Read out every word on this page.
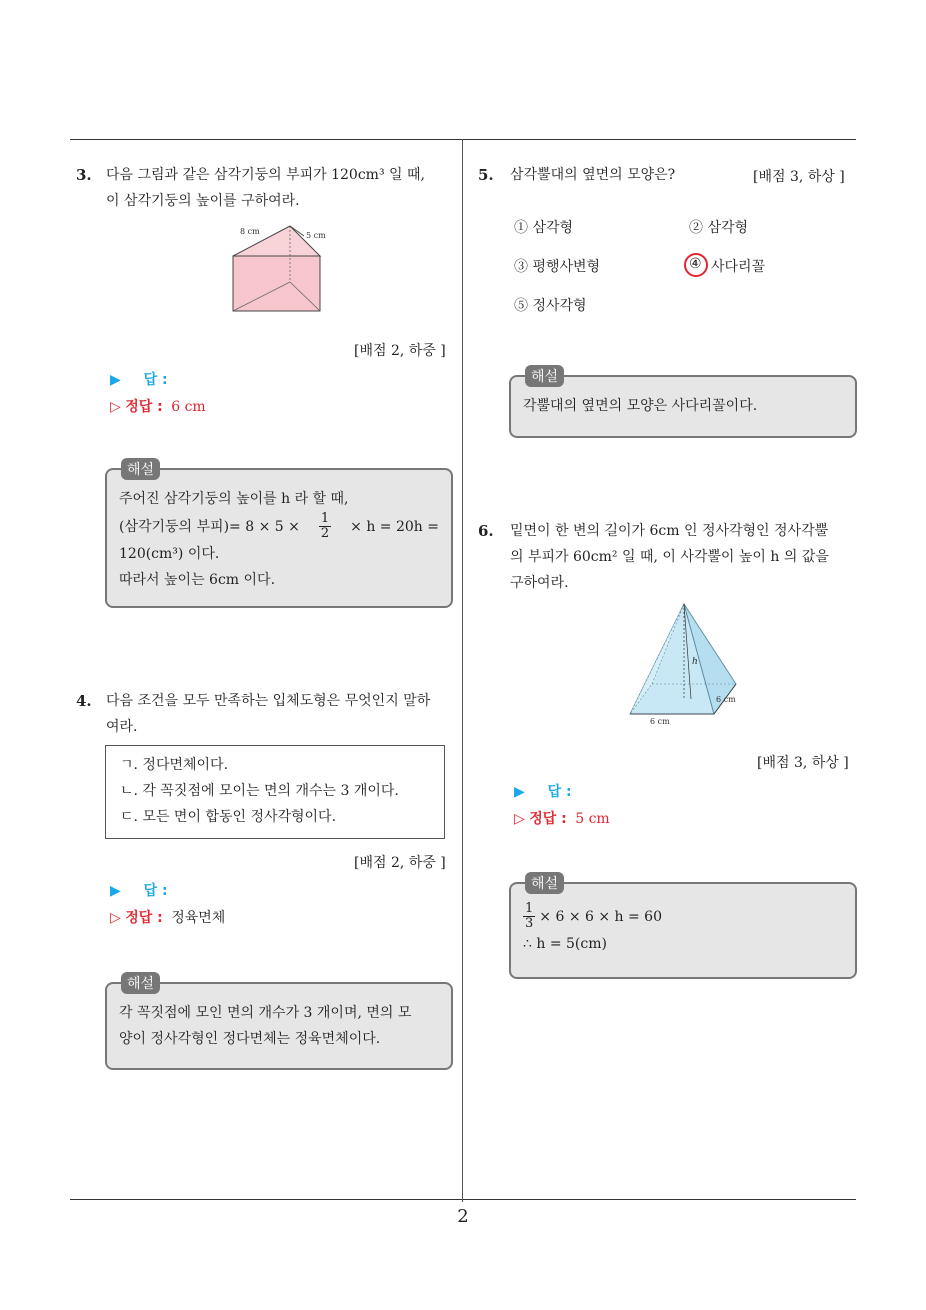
3. 다음 그림과 같은 삼각기둥의 부피가 120cm³ 일 때,
이 삼각기둥의 높이를 구하여라.
8 cm	5 cm
[배점 2, 하중 ]
▶ 답 :
▷ 정답 : 6 cm
해설
주어진 삼각기둥의 높이를 h 라 할 때,
(삼각기둥의 부피)= $8 \times 5 \times \frac{1}{2} \times h = 20h$ =
120(cm³) 이다.
따라서 높이는 6cm 이다.
4. 다음 조건을 모두 만족하는 입체도형은 무엇인지 말하
여라.
ㄱ. 정다면체이다.
ㄴ. 각 꼭짓점에 모이는 면의 개수는 3 개이다.
ㄷ. 모든 면이 합동인 정사각형이다.
[배점 2, 하중 ]
▶ 답 :
▷ 정답 : 정육면체
해설
각 꼭짓점에 모인 면의 개수가 3 개이며, 면의 모
양이 정사각형인 정다면체는 정육면체이다.
5. 삼각뿔대의 옆면의 모양은?	[배점 3, 하상 ]
① 삼각형	② 삼각형
③ 평행사변형	④ 사다리꼴
⑤ 정사각형
해설
각뿔대의 옆면의 모양은 사다리꼴이다.
6. 밑면이 한 변의 길이가 6cm 인 정사각형인 정사각뿔
의 부피가 60cm² 일 때, 이 사각뿔이 높이 h 의 값을
구하여라.
h
6 cm
6 cm
[배점 3, 하상 ]
▶ 답 :
▷ 정답 : 5 cm
해설
$\frac{1}{3} \times 6 \times 6 \times h = 60$
∴ h = 5(cm)
2
